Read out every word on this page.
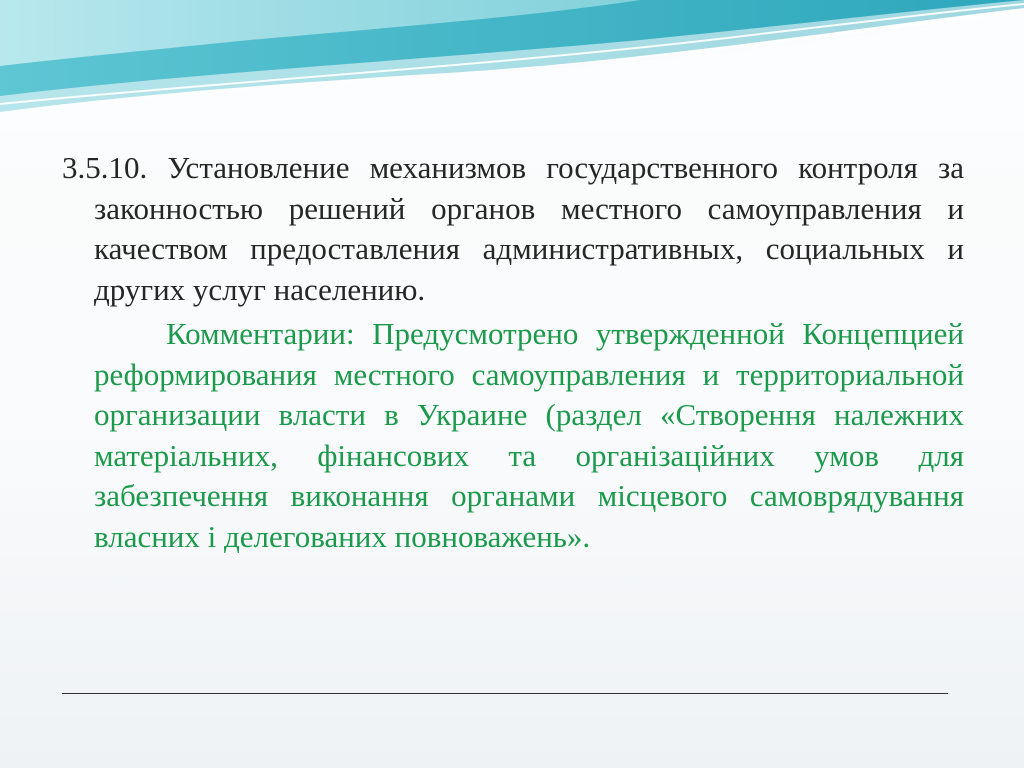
3.5.10. Установление механизмов государственного контроля за законностью решений органов местного самоуправления и качеством предоставления административных, социальных и других услуг населению.

Комментарии: Предусмотрено утвержденной Концепцией реформирования местного самоуправления и территориальной организации власти в Украине (раздел «Створення належних матеріальних, фінансових та організаційних умов для забезпечення виконання органами місцевого самоврядування власних і делегованих повноважень».
